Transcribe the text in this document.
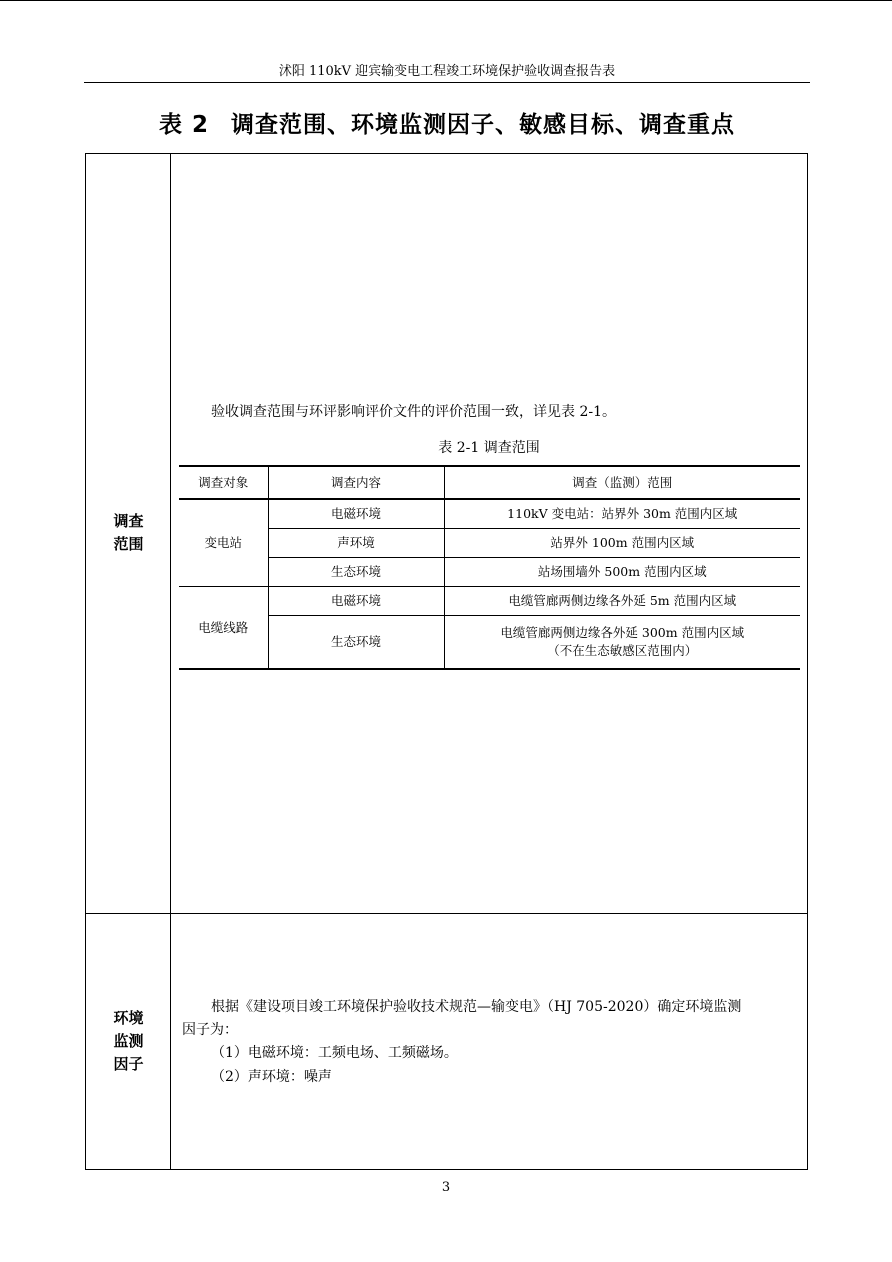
沭阳 110kV 迎宾输变电工程竣工环境保护验收调查报告表
表 2 调查范围、环境监测因子、敏感目标、调查重点
调查
范围
环境
监测
因子
验收调查范围与环评影响评价文件的评价范围一致，详见表 2-1。
表 2-1 调查范围
调查对象	调查内容	调查（监测）范围
变电站	电磁环境	110kV 变电站：站界外 30m 范围内区域
	声环境	站界外 100m 范围内区域
	生态环境	站场围墙外 500m 范围内区域
电缆线路	电磁环境	电缆管廊两侧边缘各外延 5m 范围内区域
	生态环境	电缆管廊两侧边缘各外延 300m 范围内区域
（不在生态敏感区范围内）
根据《建设项目竣工环境保护验收技术规范—输变电》（HJ 705-2020）确定环境监测
因子为：
（1）电磁环境：工频电场、工频磁场。
（2）声环境：噪声
3
